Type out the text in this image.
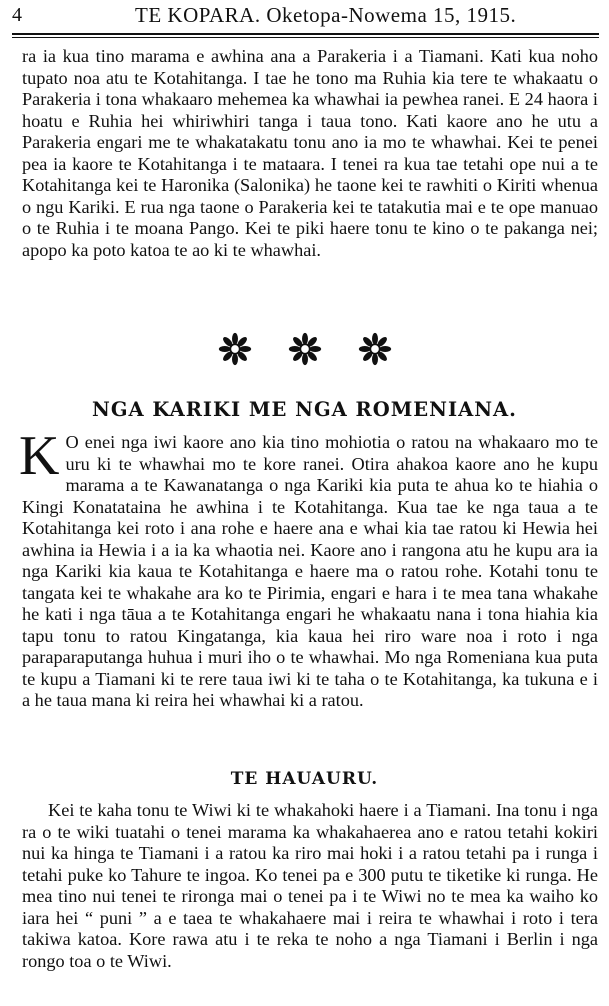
4	TE KOPARA. Oketopa-Nowema 15, 1915.

ra ia kua tino marama e awhina ana a Parakeria i a Tiamani. Kati kua noho tupato noa atu te Kotahitanga. I tae he tono ma Ruhia kia tere te whakaatu o Parakeria i tona whakaaro mehemea ka whawhai ia pewhea ranei. E 24 haora i hoatu e Ruhia hei whiriwhiri tanga i taua tono. Kati kaore ano he utu a Parakeria engari me te whakatakatu tonu ano ia mo te whawhai. Kei te penei pea ia kaore te Kotahitanga i te mataara. I tenei ra kua tae tetahi ope nui a te Kotahitanga kei te Haronika (Salonika) he taone kei te rawhiti o Kiriti whenua o ngu Kariki. E rua nga taone o Parakeria kei te tatakutia mai e te ope manuao o te Ruhia i te moana Pango. Kei te piki haere tonu te kino o te pakanga nei; apopo ka poto katoa te ao ki te whawhai.

NGA KARIKI ME NGA ROMENIANA.

K O enei nga iwi kaore ano kia tino mohiotia o ratou na whakaaro mo te uru ki te whawhai mo te kore ranei. Otira ahakoa kaore ano he kupu marama a te Kawanatanga o nga Kariki kia puta te ahua ko te hiahia o Kingi Konatataina he awhina i te Kotahitanga. Kua tae ke nga taua a te Kotahitanga kei roto i ana rohe e haere ana e whai kia tae ratou ki Hewia hei awhina ia Hewia i a ia ka whaotia nei. Kaore ano i rangona atu he kupu ara ia nga Kariki kia kaua te Kotahitanga e haere ma o ratou rohe. Kotahi tonu te tangata kei te whakahe ara ko te Pirimia, engari e hara i te mea tana whakahe he kati i nga tāua a te Kotahitanga engari he whakaatu nana i tona hiahia kia tapu tonu to ratou Kingatanga, kia kaua hei riro ware noa i roto i nga paraparaputanga huhua i muri iho o te whawhai. Mo nga Romeniana kua puta te kupu a Tiamani ki te rere taua iwi ki te taha o te Kotahitanga, ka tukuna e i a he taua mana ki reira hei whawhai ki a ratou.

TE HAUAURU.

Kei te kaha tonu te Wiwi ki te whakahoki haere i a Tiamani. Ina tonu i nga ra o te wiki tuatahi o tenei marama ka whakahaerea ano e ratou tetahi kokiri nui ka hinga te Tiamani i a ratou ka riro mai hoki i a ratou tetahi pa i runga i tetahi puke ko Tahure te ingoa. Ko tenei pa e 300 putu te tiketike ki runga. He mea tino nui tenei te rironga mai o tenei pa i te Wiwi no te mea ka waiho ko iara hei “ puni ” a e taea te whakahaere mai i reira te whawhai i roto i tera takiwa katoa. Kore rawa atu i te reka te noho a nga Tiamani i Berlin i nga rongo toa o te Wiwi.
